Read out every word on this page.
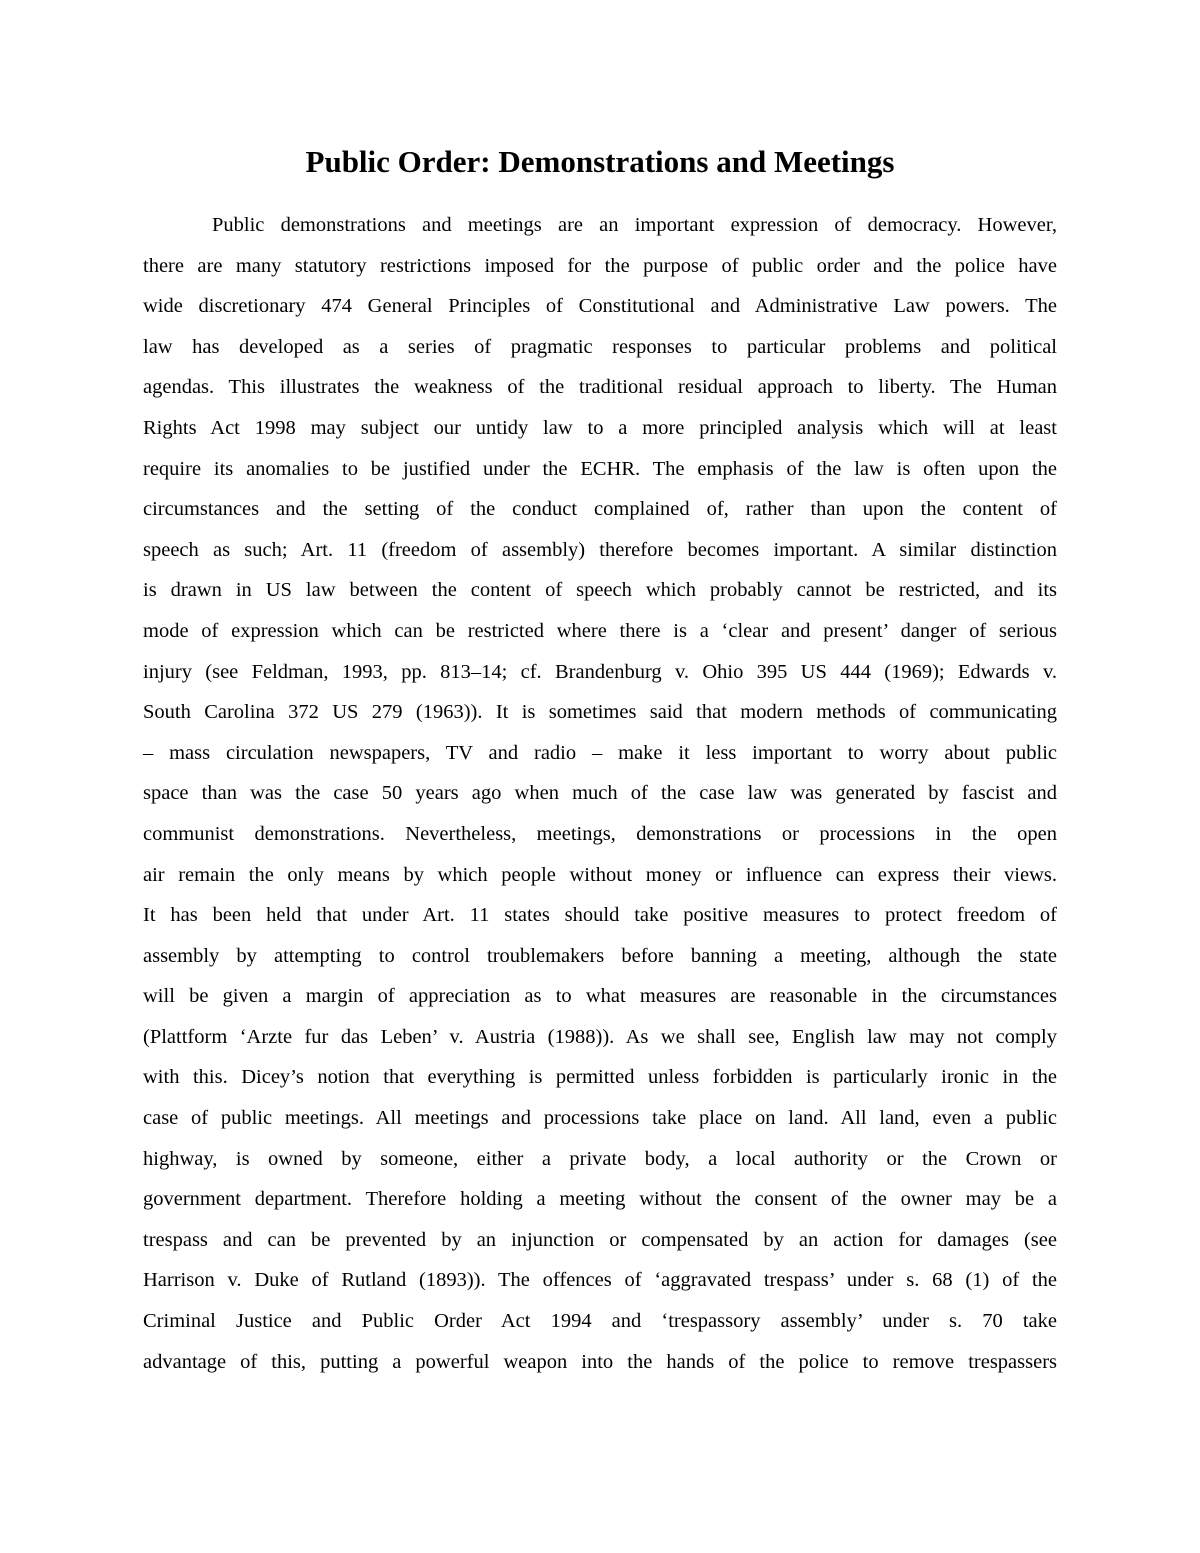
Public Order: Demonstrations and Meetings
Public demonstrations and meetings are an important expression of democracy. However,
there are many statutory restrictions imposed for the purpose of public order and the police have
wide discretionary 474 General Principles of Constitutional and Administrative Law powers. The
law has developed as a series of pragmatic responses to particular problems and political
agendas. This illustrates the weakness of the traditional residual approach to liberty. The Human
Rights Act 1998 may subject our untidy law to a more principled analysis which will at least
require its anomalies to be justified under the ECHR. The emphasis of the law is often upon the
circumstances and the setting of the conduct complained of, rather than upon the content of
speech as such; Art. 11 (freedom of assembly) therefore becomes important. A similar distinction
is drawn in US law between the content of speech which probably cannot be restricted, and its
mode of expression which can be restricted where there is a ‘clear and present’ danger of serious
injury (see Feldman, 1993, pp. 813–14; cf. Brandenburg v. Ohio 395 US 444 (1969); Edwards v.
South Carolina 372 US 279 (1963)). It is sometimes said that modern methods of communicating
– mass circulation newspapers, TV and radio – make it less important to worry about public
space than was the case 50 years ago when much of the case law was generated by fascist and
communist demonstrations. Nevertheless, meetings, demonstrations or processions in the open
air remain the only means by which people without money or influence can express their views.
It has been held that under Art. 11 states should take positive measures to protect freedom of
assembly by attempting to control troublemakers before banning a meeting, although the state
will be given a margin of appreciation as to what measures are reasonable in the circumstances
(Plattform ‘Arzte fur das Leben’ v. Austria (1988)). As we shall see, English law may not comply
with this. Dicey’s notion that everything is permitted unless forbidden is particularly ironic in the
case of public meetings. All meetings and processions take place on land. All land, even a public
highway, is owned by someone, either a private body, a local authority or the Crown or
government department. Therefore holding a meeting without the consent of the owner may be a
trespass and can be prevented by an injunction or compensated by an action for damages (see
Harrison v. Duke of Rutland (1893)). The offences of ‘aggravated trespass’ under s. 68 (1) of the
Criminal Justice and Public Order Act 1994 and ‘trespassory assembly’ under s. 70 take
advantage of this, putting a powerful weapon into the hands of the police to remove trespassers
